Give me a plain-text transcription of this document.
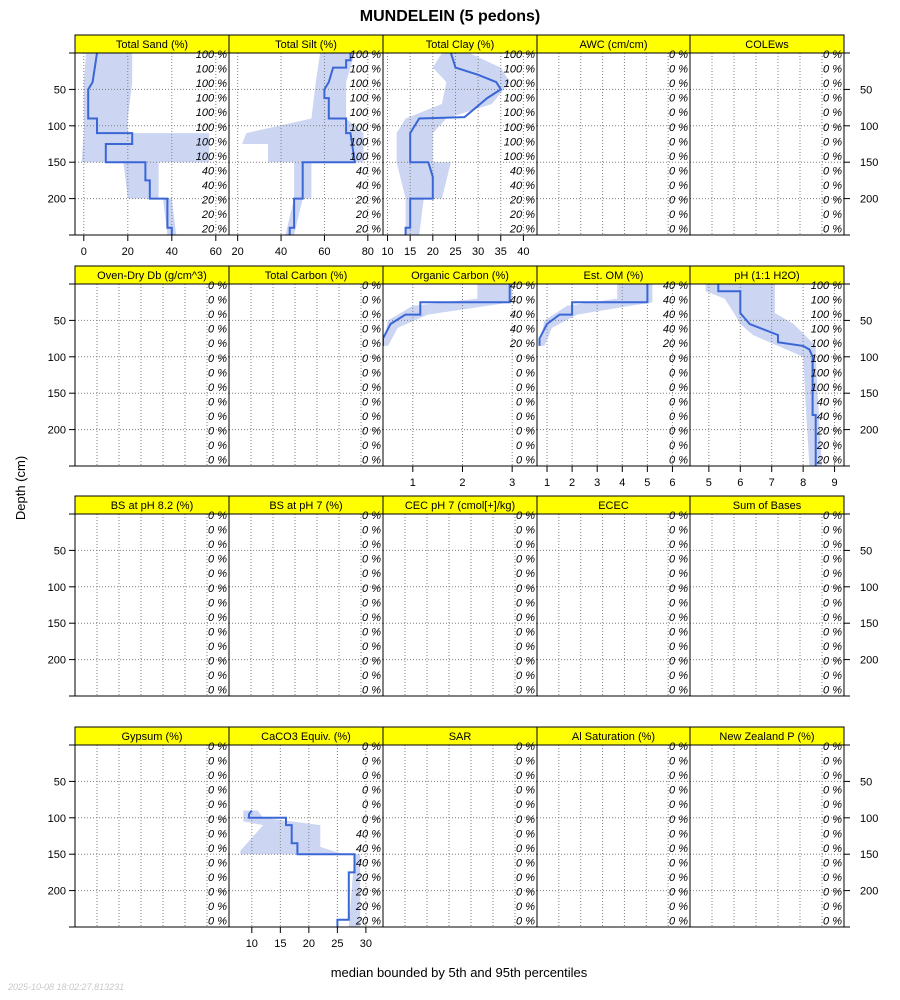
MUNDELEIN (5 pedons)
Depth (cm)
median bounded by 5th and 95th percentiles
2025-10-08 18:02:27.813231
50	50
100	100
150	150
200	200
50	50
100	100
150	150
200	200
50	50
100	100
150	150
200	200
50	50
100	100
150	150
200	200
Total Sand (%)
100 %
100 %
100 %
100 %
100 %
100 %
100 %
100 %
40 %
40 %
20 %
20 %
20 %
0	20	40	60
Total Silt (%)
100 %
100 %
100 %
100 %
100 %
100 %
100 %
100 %
40 %
40 %
20 %
20 %
20 %
20	40	60	80
Total Clay (%)
100 %
100 %
100 %
100 %
100 %
100 %
100 %
100 %
40 %
40 %
20 %
20 %
20 %
10 15 20 25 30 35 40
AWC (cm/cm)
0 %
0 %
0 %
0 %
0 %
0 %
0 %
0 %
0 %
0 %
0 %
0 %
0 %
COLEws
0 %
0 %
0 %
0 %
0 %
0 %
0 %
0 %
0 %
0 %
0 %
0 %
0 %
Oven-Dry Db (g/cm^3)
0 %
0 %
0 %
0 %
0 %
0 %
0 %
0 %
0 %
0 %
0 %
0 %
0 %
Total Carbon (%)
0 %
0 %
0 %
0 %
0 %
0 %
0 %
0 %
0 %
0 %
0 %
0 %
0 %
Organic Carbon (%)
40 %
40 %
40 %
40 %
20 %
0 %
0 %
0 %
0 %
0 %
0 %
0 %
0 %
1	2	3
Est. OM (%)
40 %
40 %
40 %
40 %
20 %
0 %
0 %
0 %
0 %
0 %
0 %
0 %
0 %
1 2 3 4 5 6
pH (1:1 H2O)
100 %
100 %
100 %
100 %
100 %
100 %
100 %
100 %
40 %
40 %
20 %
20 %
20 %
5 6 7 8 9
BS at pH 8.2 (%)
0 %
0 %
0 %
0 %
0 %
0 %
0 %
0 %
0 %
0 %
0 %
0 %
0 %
BS at pH 7 (%)
0 %
0 %
0 %
0 %
0 %
0 %
0 %
0 %
0 %
0 %
0 %
0 %
0 %
CEC pH 7 (cmol[+]/kg)
0 %
0 %
0 %
0 %
0 %
0 %
0 %
0 %
0 %
0 %
0 %
0 %
0 %
ECEC
0 %
0 %
0 %
0 %
0 %
0 %
0 %
0 %
0 %
0 %
0 %
0 %
0 %
Sum of Bases
0 %
0 %
0 %
0 %
0 %
0 %
0 %
0 %
0 %
0 %
0 %
0 %
0 %
Gypsum (%)
0 %
0 %
0 %
0 %
0 %
0 %
0 %
0 %
0 %
0 %
0 %
0 %
0 %
CaCO3 Equiv. (%)
0 %
0 %
0 %
0 %
0 %
0 %
40 %
40 %
40 %
20 %
20 %
20 %
20 %
10 15 20 25 30
SAR
0 %
0 %
0 %
0 %
0 %
0 %
0 %
0 %
0 %
0 %
0 %
0 %
0 %
Al Saturation (%)
0 %
0 %
0 %
0 %
0 %
0 %
0 %
0 %
0 %
0 %
0 %
0 %
0 %
New Zealand P (%)
0 %
0 %
0 %
0 %
0 %
0 %
0 %
0 %
0 %
0 %
0 %
0 %
0 %
